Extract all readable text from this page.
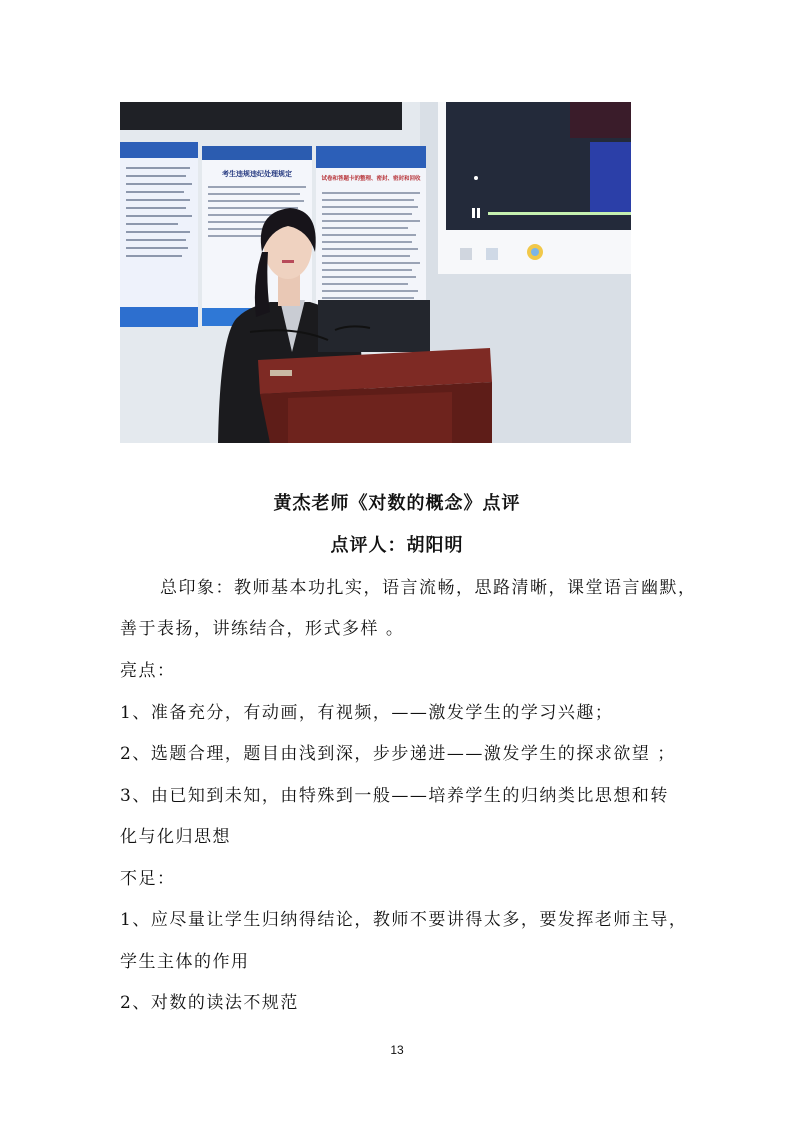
考生违规违纪处理规定
试卷和答题卡的整理、密封、密封和回收
黄杰老师《对数的概念》点评
点评人：胡阳明
总印象：教师基本功扎实，语言流畅，思路清晰，课堂语言幽默，
善于表扬，讲练结合，形式多样 。
亮点：
1、准备充分，有动画，有视频，——激发学生的学习兴趣；
2、选题合理，题目由浅到深，步步递进——激发学生的探求欲望 ；
3、由已知到未知，由特殊到一般——培养学生的归纳类比思想和转
化与化归思想
不足：
1、应尽量让学生归纳得结论，教师不要讲得太多，要发挥老师主导，
学生主体的作用
2、对数的读法不规范
13
